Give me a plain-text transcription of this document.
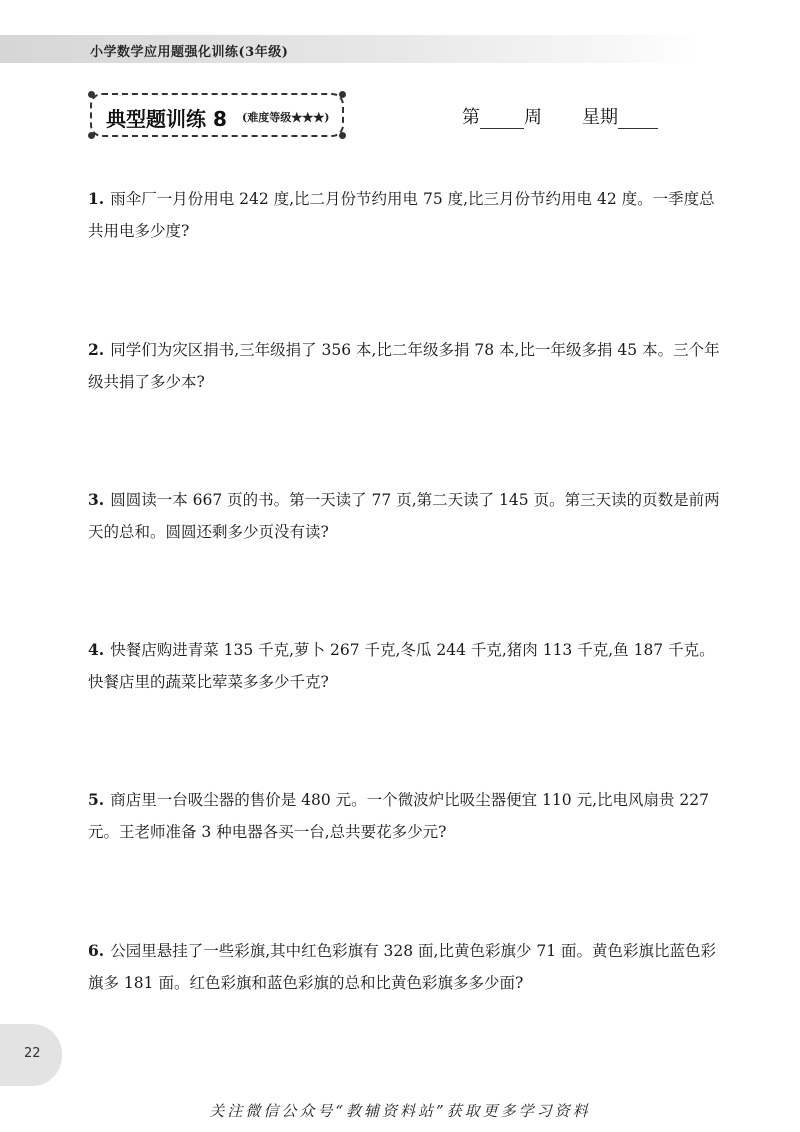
小学数学应用题强化训练(3年级)
典型题训练 8 (难度等级★★★)	第 周 星期
1. 雨伞厂一月份用电 242 度,比二月份节约用电 75 度,比三月份节约用电 42 度。一季度总共用电多少度?
2. 同学们为灾区捐书,三年级捐了 356 本,比二年级多捐 78 本,比一年级多捐 45 本。三个年级共捐了多少本?
3. 圆圆读一本 667 页的书。第一天读了 77 页,第二天读了 145 页。第三天读的页数是前两天的总和。圆圆还剩多少页没有读?
4. 快餐店购进青菜 135 千克,萝卜 267 千克,冬瓜 244 千克,猪肉 113 千克,鱼 187 千克。快餐店里的蔬菜比荤菜多多少千克?
5. 商店里一台吸尘器的售价是 480 元。一个微波炉比吸尘器便宜 110 元,比电风扇贵 227 元。王老师准备 3 种电器各买一台,总共要花多少元?
6. 公园里悬挂了一些彩旗,其中红色彩旗有 328 面,比黄色彩旗少 71 面。黄色彩旗比蓝色彩旗多 181 面。红色彩旗和蓝色彩旗的总和比黄色彩旗多多少面?
22
关注微信公众号“教辅资料站”获取更多学习资料
